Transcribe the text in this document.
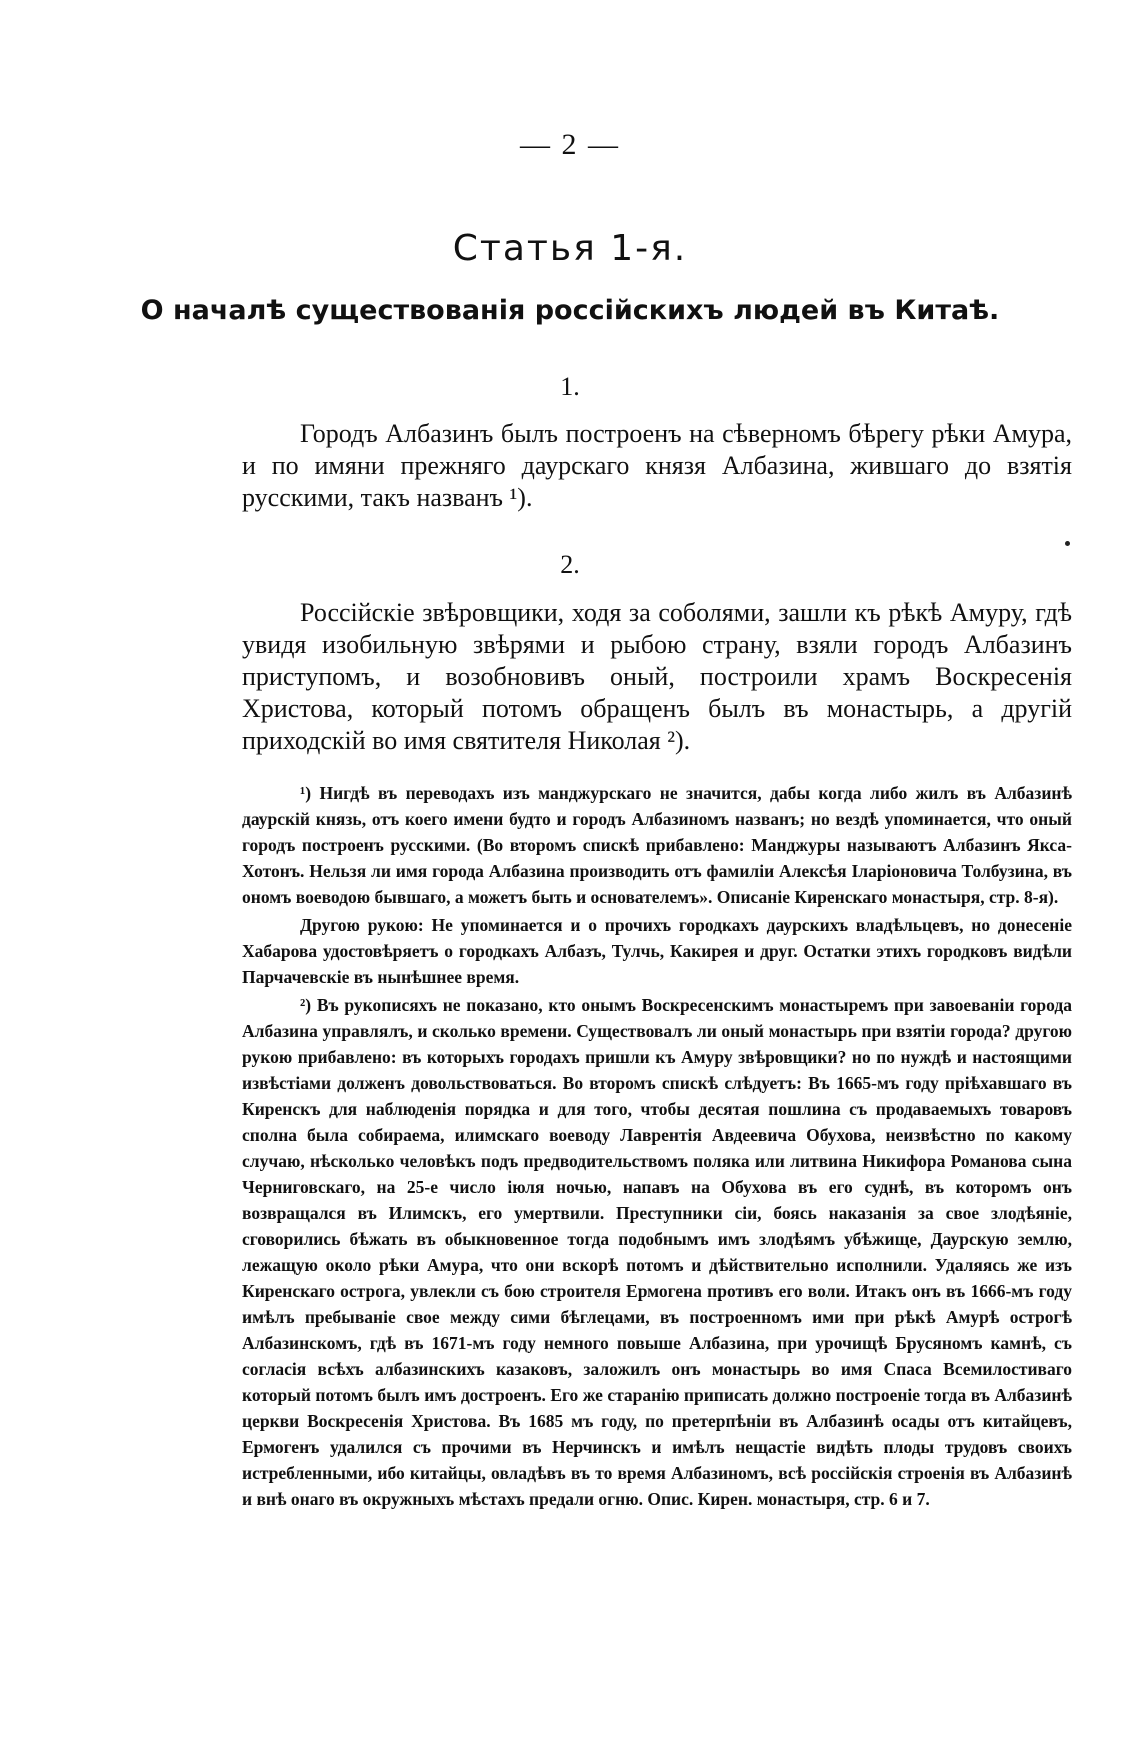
— 2 —
Статья 1-я.
О началѣ существованія россійскихъ людей въ Китаѣ.
1.
Городъ Албазинъ былъ построенъ на сѣверномъ бѣрегу рѣки Амура, и по имяни прежняго даурскаго князя Албазина, жившаго до взятія русскими, такъ названъ ¹).
2.
Россійскіе звѣровщики, ходя за соболями, зашли къ рѣкѣ Амуру, гдѣ увидя изобильную звѣрями и рыбою страну, взяли городъ Албазинъ приступомъ, и возобновивъ оный, построили храмъ Воскресенія Христова, который потомъ обращенъ былъ въ монастырь, а другій приходскій во имя святителя Николая ²).

¹) Нигдѣ въ переводахъ изъ манджурскаго не значится, дабы когда либо жилъ въ Албазинѣ даурскій князь, отъ коего имени будто и городъ Албазиномъ названъ; но вездѣ упоминается, что оный городъ построенъ русскими. (Во второмъ спискѣ прибавлено: Манджуры называютъ Албазинъ Якса-Хотонъ. Нельзя ли имя города Албазина производить отъ фамиліи Алексѣя Іларіоновича Толбузина, въ ономъ воеводою бывшаго, а можетъ быть и основателемъ». Описаніе Киренскаго монастыря, стр. 8-я).

Другою рукою: Не упоминается и о прочихъ городкахъ даурскихъ владѣльцевъ, но донесеніе Хабарова удостовѣряетъ о городкахъ Албазъ, Тулчь, Какирея и друг. Остатки этихъ городковъ видѣли Парчачевскіе въ нынѣшнее время.

²) Въ рукописяхъ не показано, кто онымъ Воскресенскимъ монастыремъ при завоеваніи города Албазина управлялъ, и сколько времени. Существовалъ ли оный монастырь при взятіи города? другою рукою прибавлено: въ которыхъ городахъ пришли къ Амуру звѣровщики? но по нуждѣ и настоящими извѣстіами долженъ довольствоваться. Во второмъ спискѣ слѣдуетъ: Въ 1665-мъ году пріѣхавшаго въ Киренскъ для наблюденія порядка и для того, чтобы десятая пошлина съ продаваемыхъ товаровъ сполна была собираема, илимскаго воеводу Лаврентія Авдеевича Обухова, неизвѣстно по какому случаю, нѣсколько человѣкъ подъ предводительствомъ поляка или литвина Никифора Романова сына Черниговскаго, на 25-е число іюля ночью, напавъ на Обухова въ его суднѣ, въ которомъ онъ возвращался въ Илимскъ, его умертвили. Преступники сіи, боясь наказанія за свое злодѣяніе, сговорились бѣжать въ обыкновенное тогда подобнымъ имъ злодѣямъ убѣжище, Даурскую землю, лежащую около рѣки Амура, что они вскорѣ потомъ и дѣйствительно исполнили. Удаляясь же изъ Киренскаго острога, увлекли съ бою строителя Ермогена противъ его воли. Итакъ онъ въ 1666-мъ году имѣлъ пребываніе свое между сими бѣглецами, въ построенномъ ими при рѣкѣ Амурѣ острогѣ Албазинскомъ, гдѣ въ 1671-мъ году немного повыше Албазина, при урочищѣ Брусяномъ камнѣ, съ согласія всѣхъ албазинскихъ казаковъ, заложилъ онъ монастырь во имя Спаса Всемилостиваго который потомъ былъ имъ достроенъ. Его же старанію приписать должно построеніе тогда въ Албазинѣ церкви Воскресенія Христова. Въ 1685 мъ году, по претерпѣніи въ Албазинѣ осады отъ китайцевъ, Ермогенъ удалился съ прочими въ Нерчинскъ и имѣлъ нещастіе видѣть плоды трудовъ своихъ истребленными, ибо китайцы, овладѣвъ въ то время Албазиномъ, всѣ россійскія строенія въ Албазинѣ и внѣ онаго въ окружныхъ мѣстахъ предали огню. Опис. Кирен. монастыря, стр. 6 и 7.
